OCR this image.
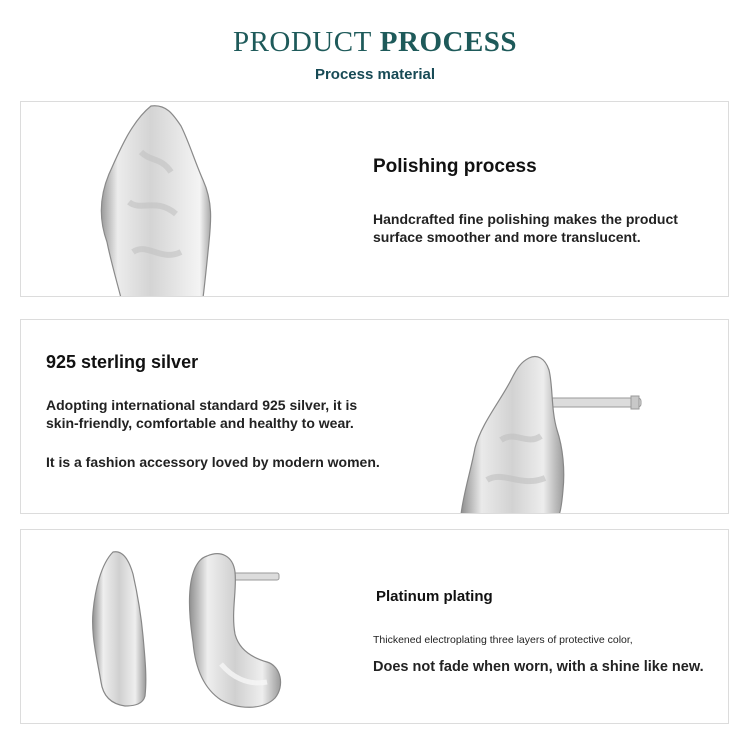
PRODUCT PROCESS
Process material
Polishing process
Handcrafted fine polishing makes the product surface smoother and more translucent.
925 sterling silver
Adopting international standard 925 silver, it is skin-friendly, comfortable and healthy to wear.
It is a fashion accessory loved by modern women.
Platinum plating
Thickened electroplating three layers of protective color,
Does not fade when worn, with a shine like new.
